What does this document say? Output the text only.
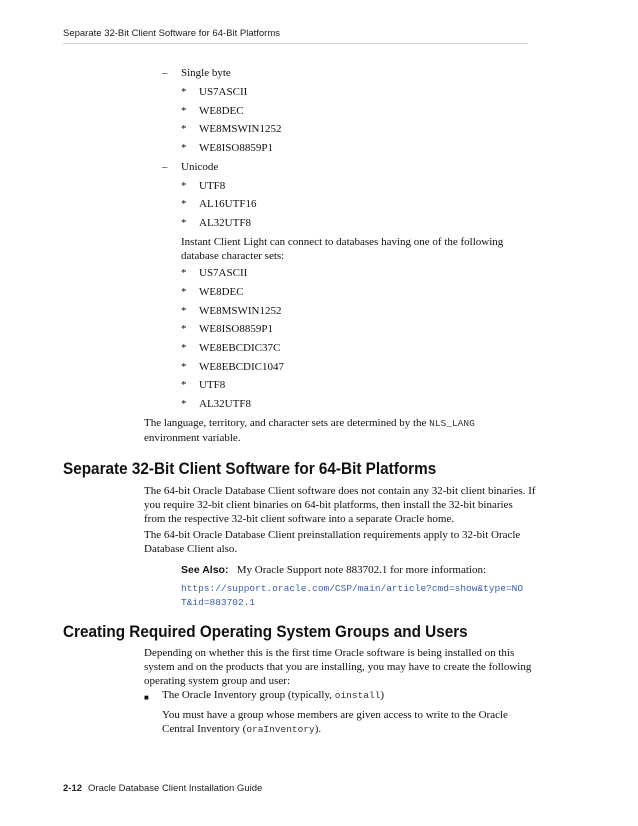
Separate 32-Bit Client Software for 64-Bit Platforms
– Single byte
* US7ASCII
* WE8DEC
* WE8MSWIN1252
* WE8ISO8859P1
– Unicode
* UTF8
* AL16UTF16
* AL32UTF8
Instant Client Light can connect to databases having one of the following database character sets:
* US7ASCII
* WE8DEC
* WE8MSWIN1252
* WE8ISO8859P1
* WE8EBCDIC37C
* WE8EBCDIC1047
* UTF8
* AL32UTF8
The language, territory, and character sets are determined by the NLS_LANG
environment variable.
Separate 32-Bit Client Software for 64-Bit Platforms
The 64-bit Oracle Database Client software does not contain any 32-bit client binaries. If you require 32-bit client binaries on 64-bit platforms, then install the 32-bit binaries from the respective 32-bit client software into a separate Oracle home.
The 64-bit Oracle Database Client preinstallation requirements apply to 32-bit Oracle Database Client also.
See Also: My Oracle Support note 883702.1 for more information:
https://support.oracle.com/CSP/main/article?cmd=show&type=NO
T&id=883702.1
Creating Required Operating System Groups and Users
Depending on whether this is the first time Oracle software is being installed on this system and on the products that you are installing, you may have to create the following operating system group and user:
■ The Oracle Inventory group (typically, oinstall)
You must have a group whose members are given access to write to the Oracle Central Inventory (oraInventory).
2-12 Oracle Database Client Installation Guide
